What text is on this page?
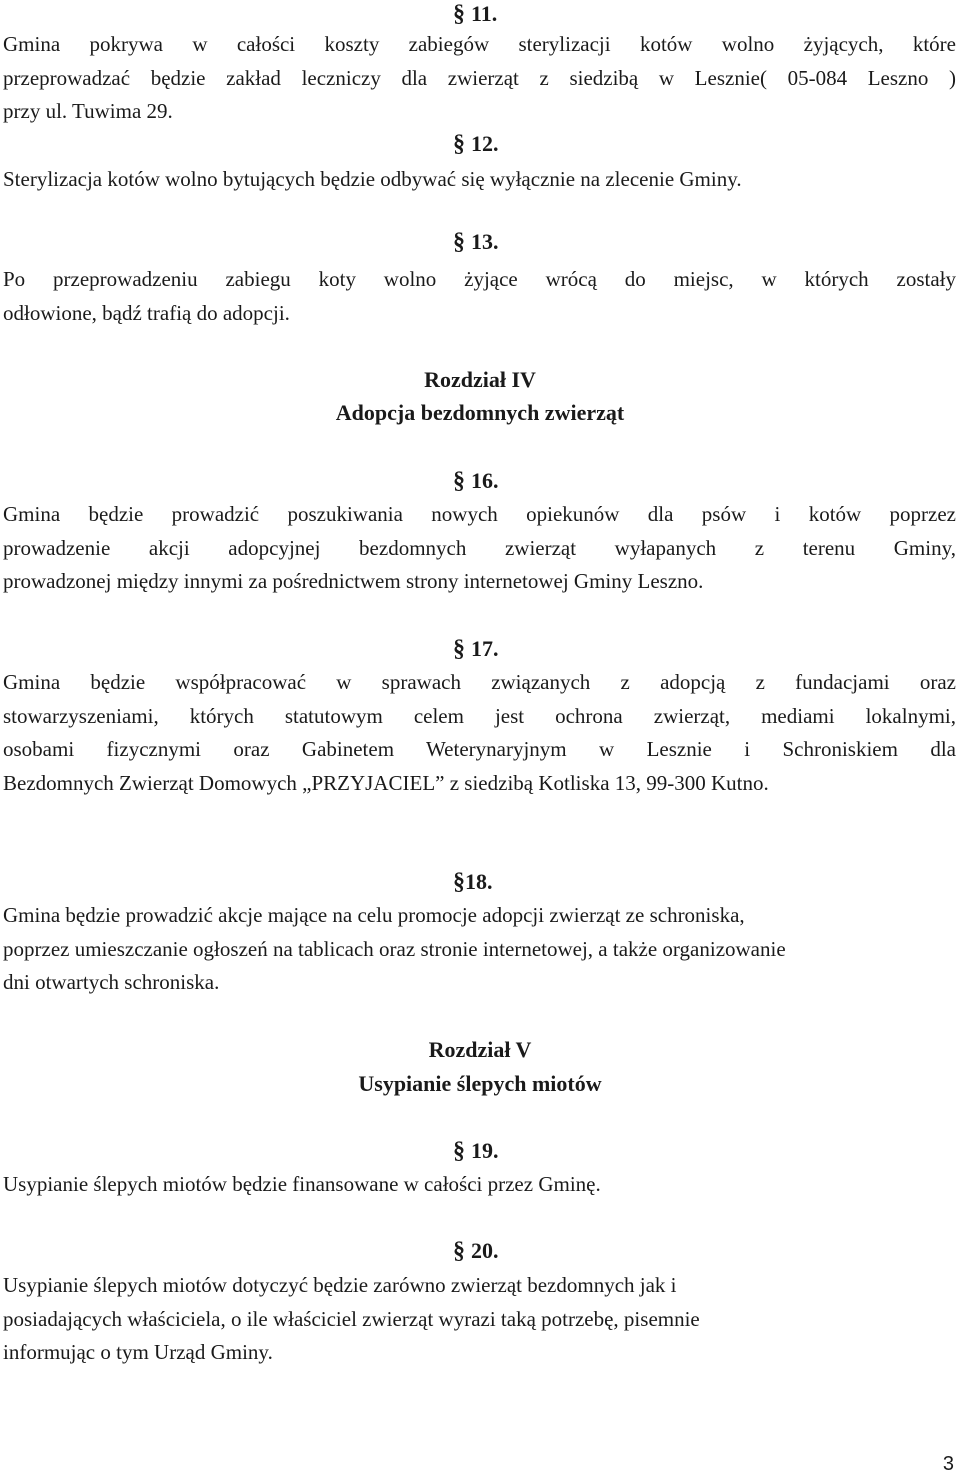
§11.
Gmina pokrywa w całości koszty zabiegów sterylizacji kotów wolno żyjących, które
przeprowadzać będzie zakład leczniczy dla zwierząt z siedzibą w Lesznie( 05-084 Leszno )
przy ul. Tuwima 29.
§12.
Sterylizacja kotów wolno bytujących będzie odbywać się wyłącznie na zlecenie Gminy.
§13.
Po przeprowadzeniu zabiegu koty wolno żyjące wrócą do miejsc, w których zostały
odłowione, bądź trafią do adopcji.
Rozdział IV
Adopcja bezdomnych zwierząt
§16.
Gmina będzie prowadzić poszukiwania nowych opiekunów dla psów i kotów poprzez
prowadzenie akcji adopcyjnej bezdomnych zwierząt wyłapanych z terenu Gminy,
prowadzonej między innymi za pośrednictwem strony internetowej Gminy Leszno.
§17.
Gmina będzie współpracować w sprawach związanych z adopcją z fundacjami oraz
stowarzyszeniami, których statutowym celem jest ochrona zwierząt, mediami lokalnymi,
osobami fizycznymi oraz Gabinetem Weterynaryjnym w Lesznie i Schroniskiem dla
Bezdomnych Zwierząt Domowych „PRZYJACIEL” z siedzibą Kotliska 13, 99-300 Kutno.
§18.
Gmina będzie prowadzić akcje mające na celu promocje adopcji zwierząt ze schroniska,
poprzez umieszczanie ogłoszeń na tablicach oraz stronie internetowej, a także organizowanie
dni otwartych schroniska.
Rozdział V
Usypianie ślepych miotów
§19.
Usypianie ślepych miotów będzie finansowane w całości przez Gminę.
§20.
Usypianie ślepych miotów dotyczyć będzie zarówno zwierząt bezdomnych jak i
posiadających właściciela, o ile właściciel zwierząt wyrazi taką potrzebę, pisemnie
informując o tym Urząd Gminy.
3
